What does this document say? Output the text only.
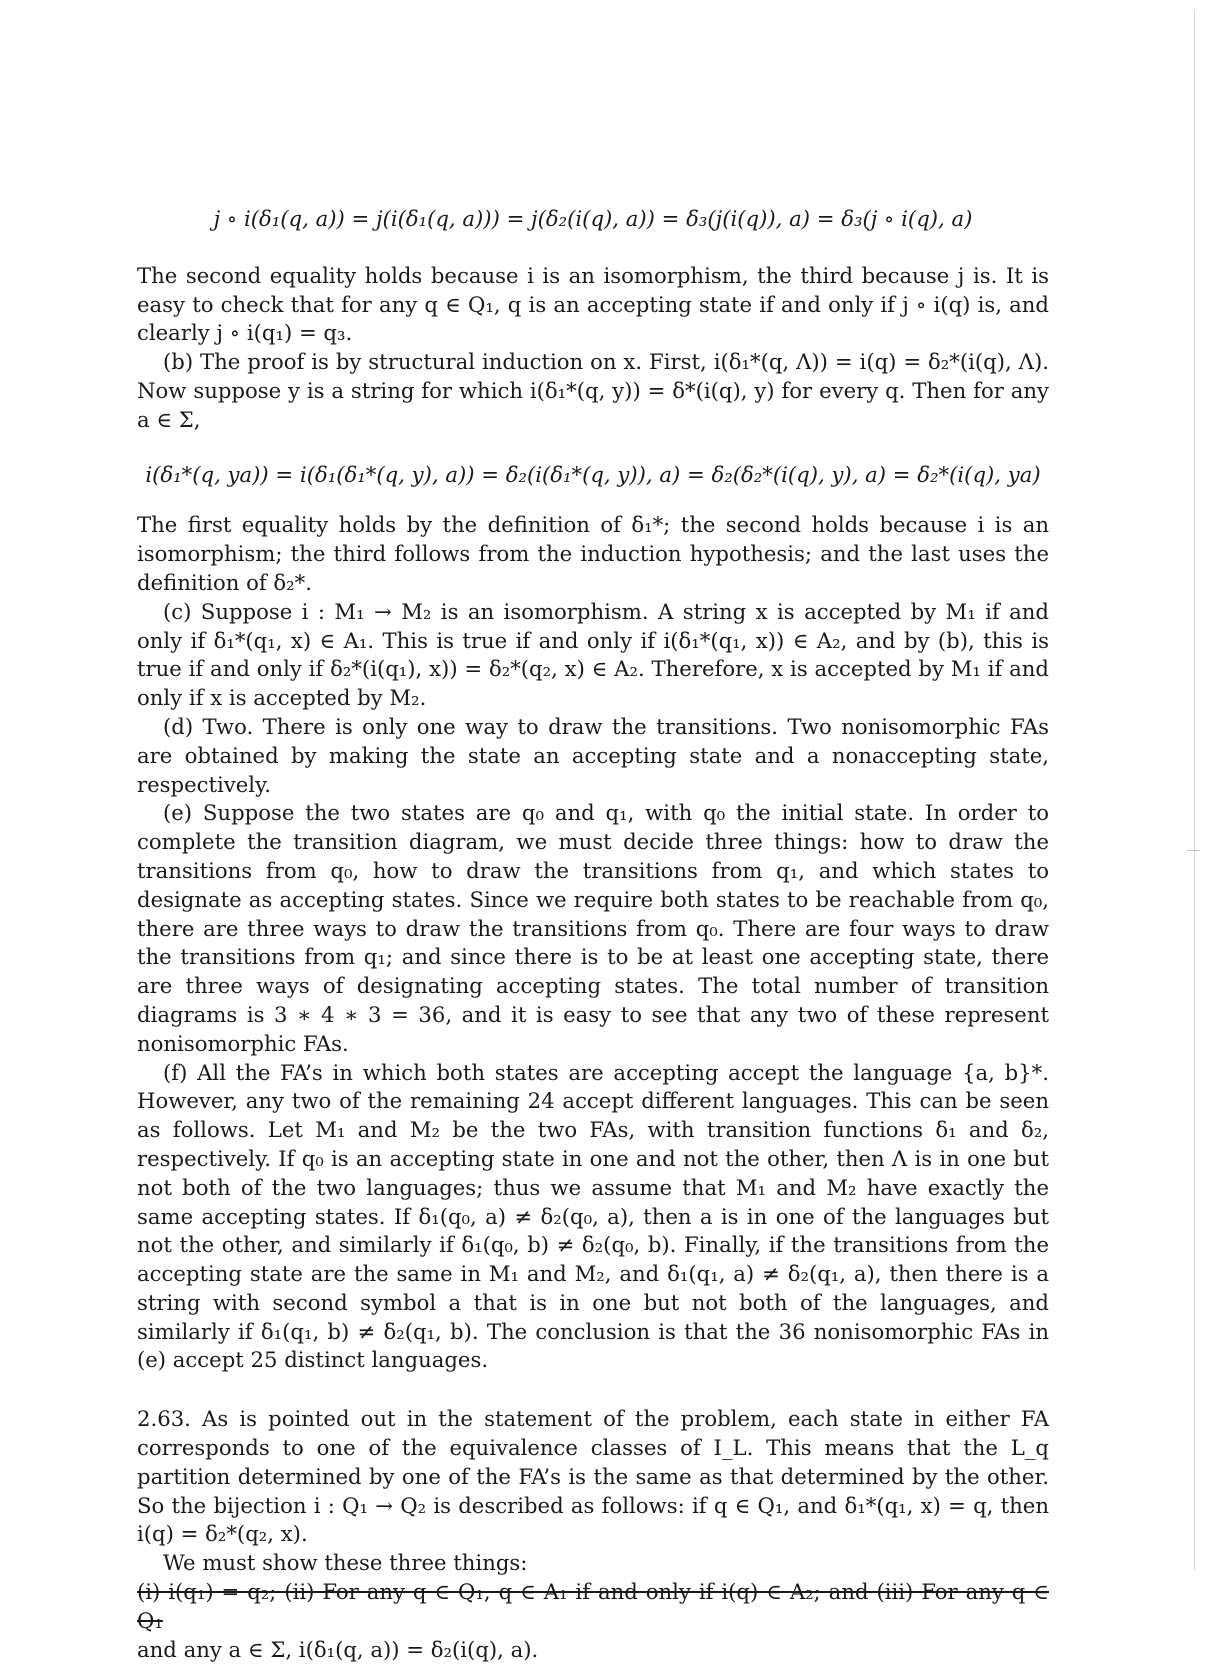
j ∘ i(δ₁(q, a)) = j(i(δ₁(q, a))) = j(δ₂(i(q), a)) = δ₃(j(i(q)), a) = δ₃(j ∘ i(q), a)

The second equality holds because i is an isomorphism, the third because j is. It is easy to check that for any q ∈ Q₁, q is an accepting state if and only if j ∘ i(q) is, and clearly j ∘ i(q₁) = q₃.

(b) The proof is by structural induction on x. First, i(δ₁*(q, Λ)) = i(q) = δ₂*(i(q), Λ). Now suppose y is a string for which i(δ₁*(q, y)) = δ*(i(q), y) for every q. Then for any a ∈ Σ,

i(δ₁*(q, ya)) = i(δ₁(δ₁*(q, y), a)) = δ₂(i(δ₁*(q, y)), a) = δ₂(δ₂*(i(q), y), a) = δ₂*(i(q), ya)

The first equality holds by the definition of δ₁*; the second holds because i is an isomorphism; the third follows from the induction hypothesis; and the last uses the definition of δ₂*.

(c) Suppose i : M₁ → M₂ is an isomorphism. A string x is accepted by M₁ if and only if δ₁*(q₁, x) ∈ A₁. This is true if and only if i(δ₁*(q₁, x)) ∈ A₂, and by (b), this is true if and only if δ₂*(i(q₁), x)) = δ₂*(q₂, x) ∈ A₂. Therefore, x is accepted by M₁ if and only if x is accepted by M₂.

(d) Two. There is only one way to draw the transitions. Two nonisomorphic FAs are obtained by making the state an accepting state and a nonaccepting state, respectively.

(e) Suppose the two states are q₀ and q₁, with q₀ the initial state. In order to complete the transition diagram, we must decide three things: how to draw the transitions from q₀, how to draw the transitions from q₁, and which states to designate as accepting states. Since we require both states to be reachable from q₀, there are three ways to draw the transitions from q₀. There are four ways to draw the transitions from q₁; and since there is to be at least one accepting state, there are three ways of designating accepting states. The total number of transition diagrams is 3 ∗ 4 ∗ 3 = 36, and it is easy to see that any two of these represent nonisomorphic FAs.

(f) All the FA’s in which both states are accepting accept the language {a, b}*. However, any two of the remaining 24 accept different languages. This can be seen as follows. Let M₁ and M₂ be the two FAs, with transition functions δ₁ and δ₂, respectively. If q₀ is an accepting state in one and not the other, then Λ is in one but not both of the two languages; thus we assume that M₁ and M₂ have exactly the same accepting states. If δ₁(q₀, a) ≠ δ₂(q₀, a), then a is in one of the languages but not the other, and similarly if δ₁(q₀, b) ≠ δ₂(q₀, b). Finally, if the transitions from the accepting state are the same in M₁ and M₂, and δ₁(q₁, a) ≠ δ₂(q₁, a), then there is a string with second symbol a that is in one but not both of the languages, and similarly if δ₁(q₁, b) ≠ δ₂(q₁, b). The conclusion is that the 36 nonisomorphic FAs in (e) accept 25 distinct languages.

2.63. As is pointed out in the statement of the problem, each state in either FA corresponds to one of the equivalence classes of I_L. This means that the L_q partition determined by one of the FA’s is the same as that determined by the other. So the bijection i : Q₁ → Q₂ is described as follows: if q ∈ Q₁, and δ₁*(q₁, x) = q, then i(q) = δ₂*(q₂, x).

We must show these three things:

(i) i(q₁) = q₂; (ii) For any q ∈ Q₁, q ∈ A₁ if and only if i(q) ∈ A₂; and (iii) For any q ∈ Q₁

and any a ∈ Σ, i(δ₁(q, a)) = δ₂(i(q), a).
